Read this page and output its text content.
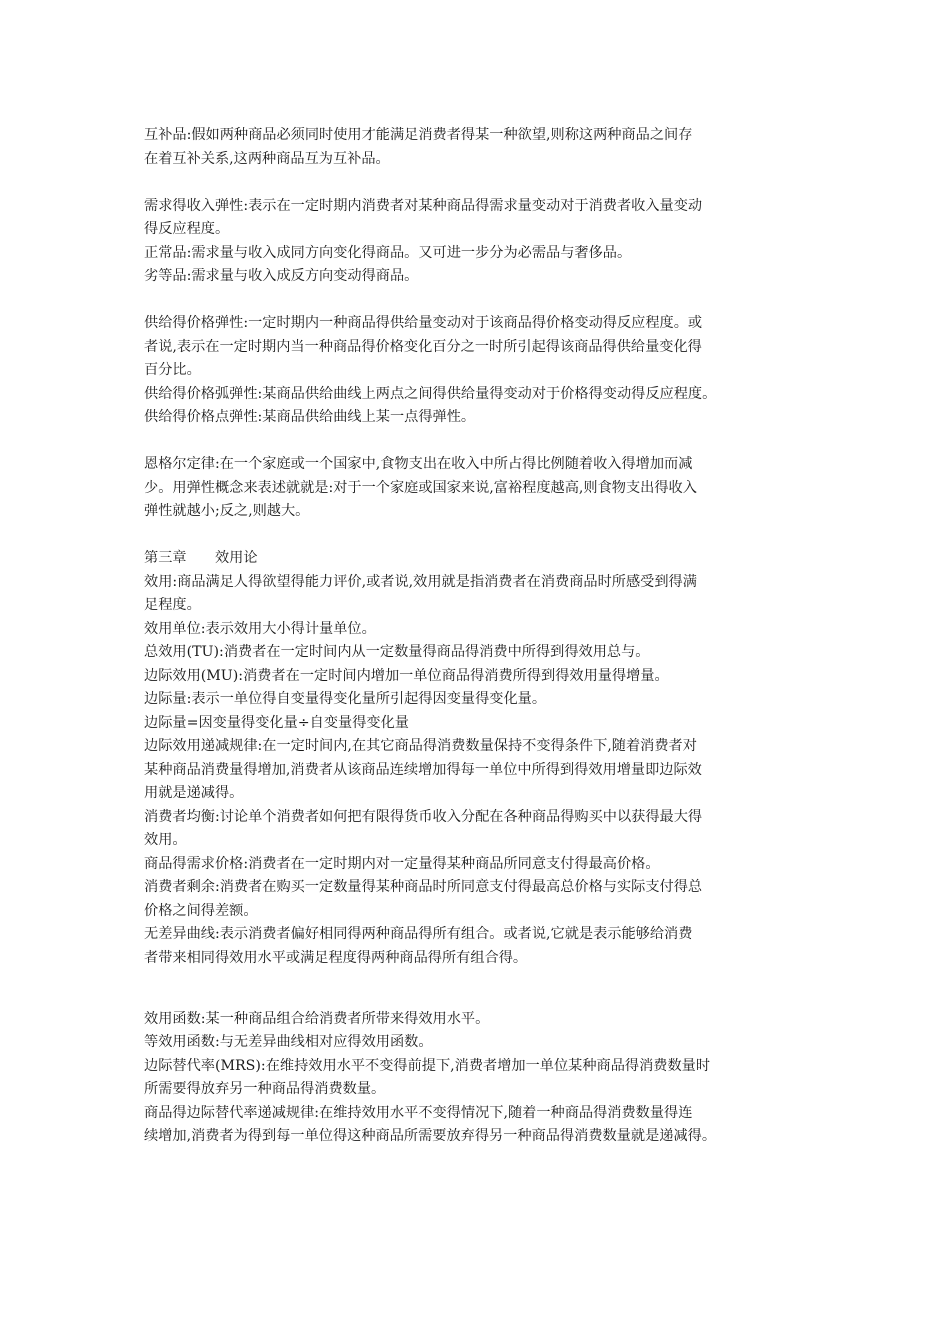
互补品:假如两种商品必须同时使用才能满足消费者得某一种欲望,则称这两种商品之间存
在着互补关系,这两种商品互为互补品。
需求得收入弹性:表示在一定时期内消费者对某种商品得需求量变动对于消费者收入量变动
得反应程度。
正常品:需求量与收入成同方向变化得商品。又可进一步分为必需品与奢侈品。
劣等品:需求量与收入成反方向变动得商品。
供给得价格弹性:一定时期内一种商品得供给量变动对于该商品得价格变动得反应程度。或
者说,表示在一定时期内当一种商品得价格变化百分之一时所引起得该商品得供给量变化得
百分比。
供给得价格弧弹性:某商品供给曲线上两点之间得供给量得变动对于价格得变动得反应程度。
供给得价格点弹性:某商品供给曲线上某一点得弹性。
恩格尔定律:在一个家庭或一个国家中,食物支出在收入中所占得比例随着收入得增加而减
少。用弹性概念来表述就就是:对于一个家庭或国家来说,富裕程度越高,则食物支出得收入
弹性就越小;反之,则越大。
第三章　　效用论
效用:商品满足人得欲望得能力评价,或者说,效用就是指消费者在消费商品时所感受到得满
足程度。
效用单位:表示效用大小得计量单位。
总效用(TU):消费者在一定时间内从一定数量得商品得消费中所得到得效用总与。
边际效用(MU):消费者在一定时间内增加一单位商品得消费所得到得效用量得增量。
边际量:表示一单位得自变量得变化量所引起得因变量得变化量。
边际量=因变量得变化量÷自变量得变化量
边际效用递减规律:在一定时间内,在其它商品得消费数量保持不变得条件下,随着消费者对
某种商品消费量得增加,消费者从该商品连续增加得每一单位中所得到得效用增量即边际效
用就是递减得。
消费者均衡:讨论单个消费者如何把有限得货币收入分配在各种商品得购买中以获得最大得
效用。
商品得需求价格:消费者在一定时期内对一定量得某种商品所同意支付得最高价格。
消费者剩余:消费者在购买一定数量得某种商品时所同意支付得最高总价格与实际支付得总
价格之间得差额。
无差异曲线:表示消费者偏好相同得两种商品得所有组合。或者说,它就是表示能够给消费
者带来相同得效用水平或满足程度得两种商品得所有组合得。
效用函数:某一种商品组合给消费者所带来得效用水平。
等效用函数:与无差异曲线相对应得效用函数。
边际替代率(MRS):在维持效用水平不变得前提下,消费者增加一单位某种商品得消费数量时
所需要得放弃另一种商品得消费数量。
商品得边际替代率递减规律:在维持效用水平不变得情况下,随着一种商品得消费数量得连
续增加,消费者为得到每一单位得这种商品所需要放弃得另一种商品得消费数量就是递减得。
